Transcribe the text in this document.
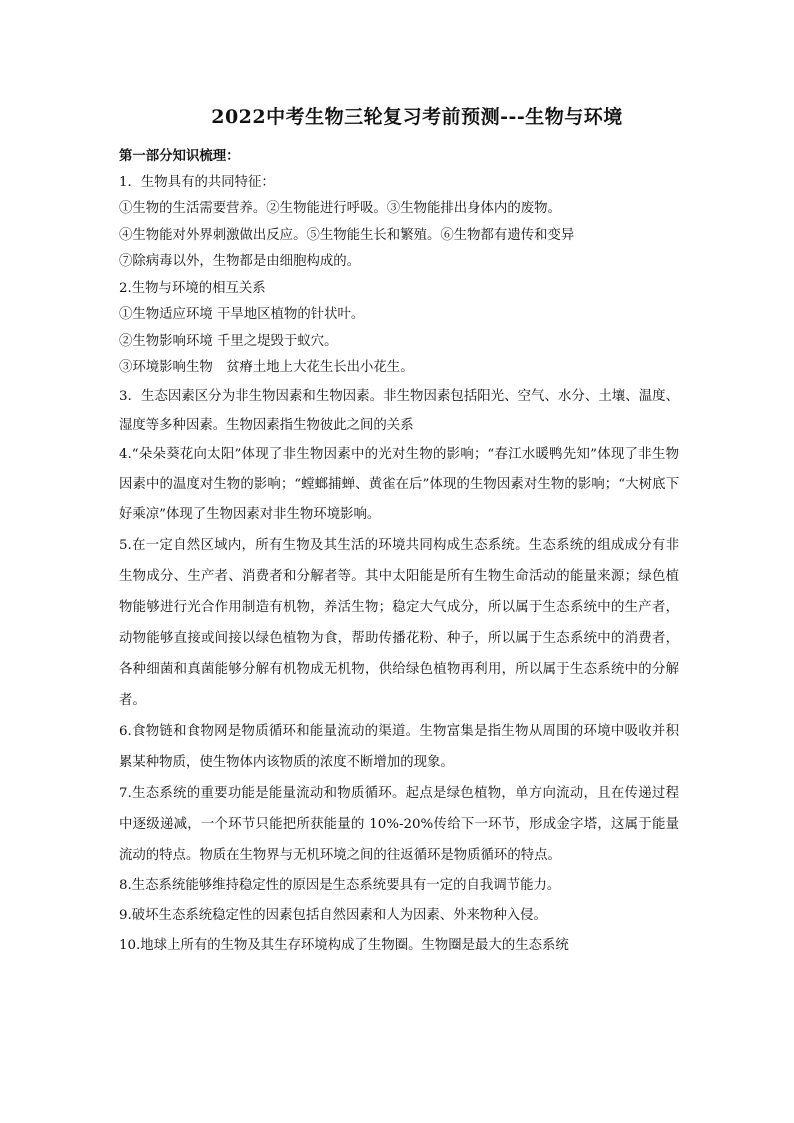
2022中考生物三轮复习考前预测---生物与环境

第一部分知识梳理：

1．生物具有的共同特征：

①生物的生活需要营养。②生物能进行呼吸。③生物能排出身体内的废物。

④生物能对外界刺激做出反应。⑤生物能生长和繁殖。⑥生物都有遗传和变异

⑦除病毒以外，生物都是由细胞构成的。

2.生物与环境的相互关系

①生物适应环境 干旱地区植物的针状叶。

②生物影响环境 千里之堤毁于蚁穴。

③环境影响生物　贫瘠土地上大花生长出小花生。

3．生态因素区分为非生物因素和生物因素。非生物因素包括阳光、空气、水分、土壤、温度、湿度等多种因素。生物因素指生物彼此之间的关系

4.“朵朵葵花向太阳”体现了非生物因素中的光对生物的影响；“春江水暖鸭先知”体现了非生物因素中的温度对生物的影响；“螳螂捕蝉、黄雀在后”体现的生物因素对生物的影响；“大树底下好乘凉”体现了生物因素对非生物环境影响。

5.在一定自然区域内，所有生物及其生活的环境共同构成生态系统。生态系统的组成成分有非生物成分、生产者、消费者和分解者等。其中太阳能是所有生物生命活动的能量来源；绿色植物能够进行光合作用制造有机物，养活生物；稳定大气成分，所以属于生态系统中的生产者，动物能够直接或间接以绿色植物为食，帮助传播花粉、种子，所以属于生态系统中的消费者，各种细菌和真菌能够分解有机物成无机物，供给绿色植物再利用，所以属于生态系统中的分解者。

6.食物链和食物网是物质循环和能量流动的渠道。生物富集是指生物从周围的环境中吸收并积累某种物质，使生物体内该物质的浓度不断增加的现象。

7.生态系统的重要功能是能量流动和物质循环。起点是绿色植物，单方向流动，且在传递过程中逐级递减，一个环节只能把所获能量的 10%-20%传给下一环节，形成金字塔，这属于能量流动的特点。物质在生物界与无机环境之间的往返循环是物质循环的特点。

8.生态系统能够维持稳定性的原因是生态系统要具有一定的自我调节能力。

9.破坏生态系统稳定性的因素包括自然因素和人为因素、外来物种入侵。

10.地球上所有的生物及其生存环境构成了生物圈。生物圈是最大的生态系统
